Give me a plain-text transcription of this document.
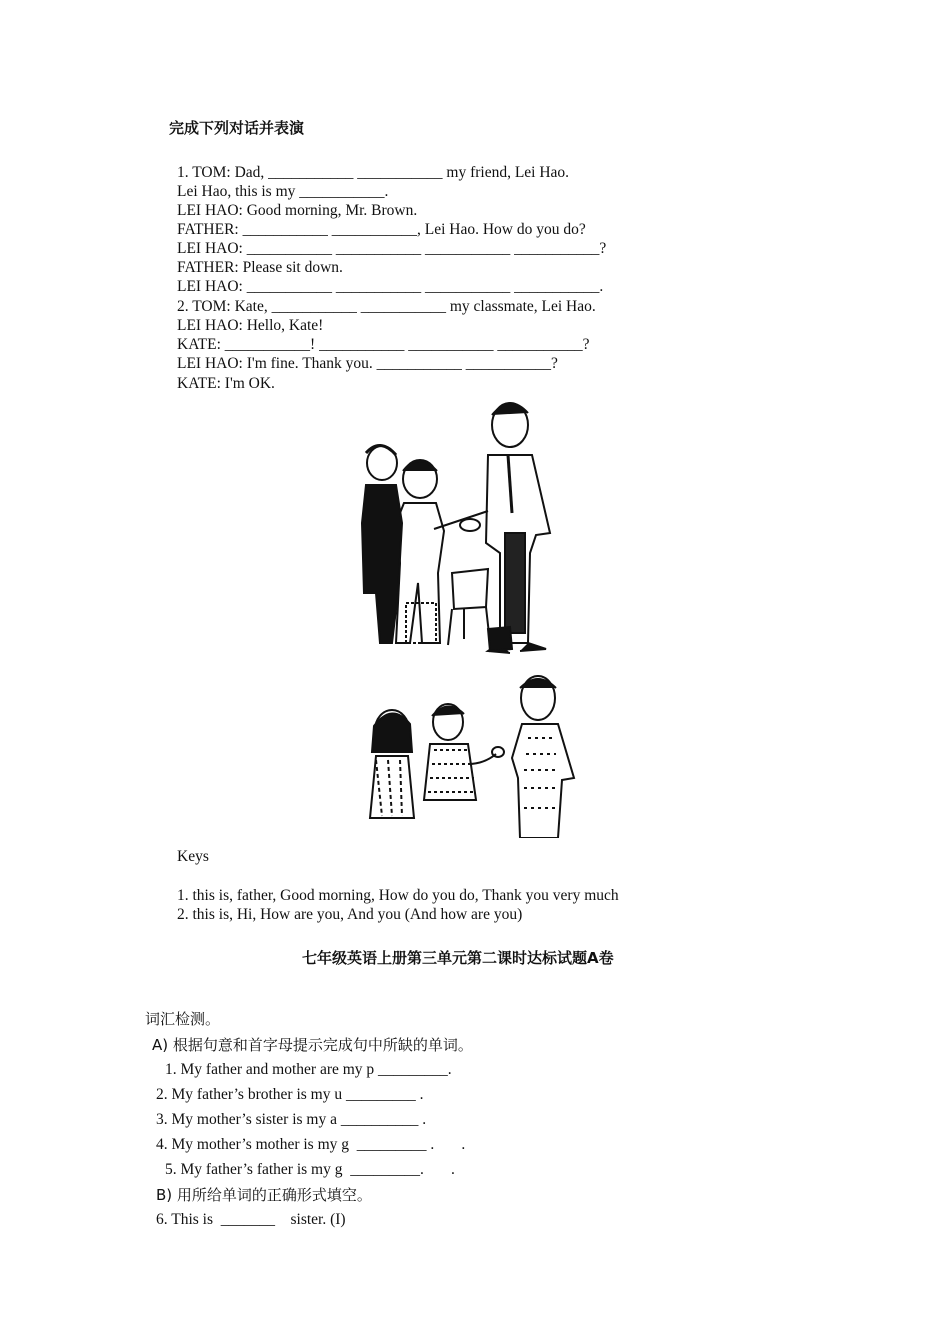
完成下列对话并表演
1. TOM: Dad, ___________ ___________ my friend, Lei Hao.
Lei Hao, this is my ___________.
LEI HAO: Good morning, Mr. Brown.
FATHER: ___________ ___________, Lei Hao. How do you do?
LEI HAO: ___________ ___________ ___________ ___________?
FATHER: Please sit down.
LEI HAO: ___________ ___________ ___________ ___________.
2. TOM: Kate, ___________ ___________ my classmate, Lei Hao.
LEI HAO: Hello, Kate!
KATE: ___________! ___________ ___________ ___________?
LEI HAO: I'm fine. Thank you. ___________ ___________?
KATE: I'm OK.
Keys
1. this is, father, Good morning, How do you do, Thank you very much
2. this is, Hi, How are you, And you (And how are you)
七年级英语上册第三单元第二课时达标试题A卷
词汇检测。
A) 根据句意和首字母提示完成句中所缺的单词。
1. My father and mother are my p _________.
2. My father’s brother is my u _________ .
3. My mother’s sister is my a __________ .
4. My mother’s mother is my g  _________ .       .
5. My father’s father is my g  _________.       .
B) 用所给单词的正确形式填空。
6. This is  _______    sister. (I)
